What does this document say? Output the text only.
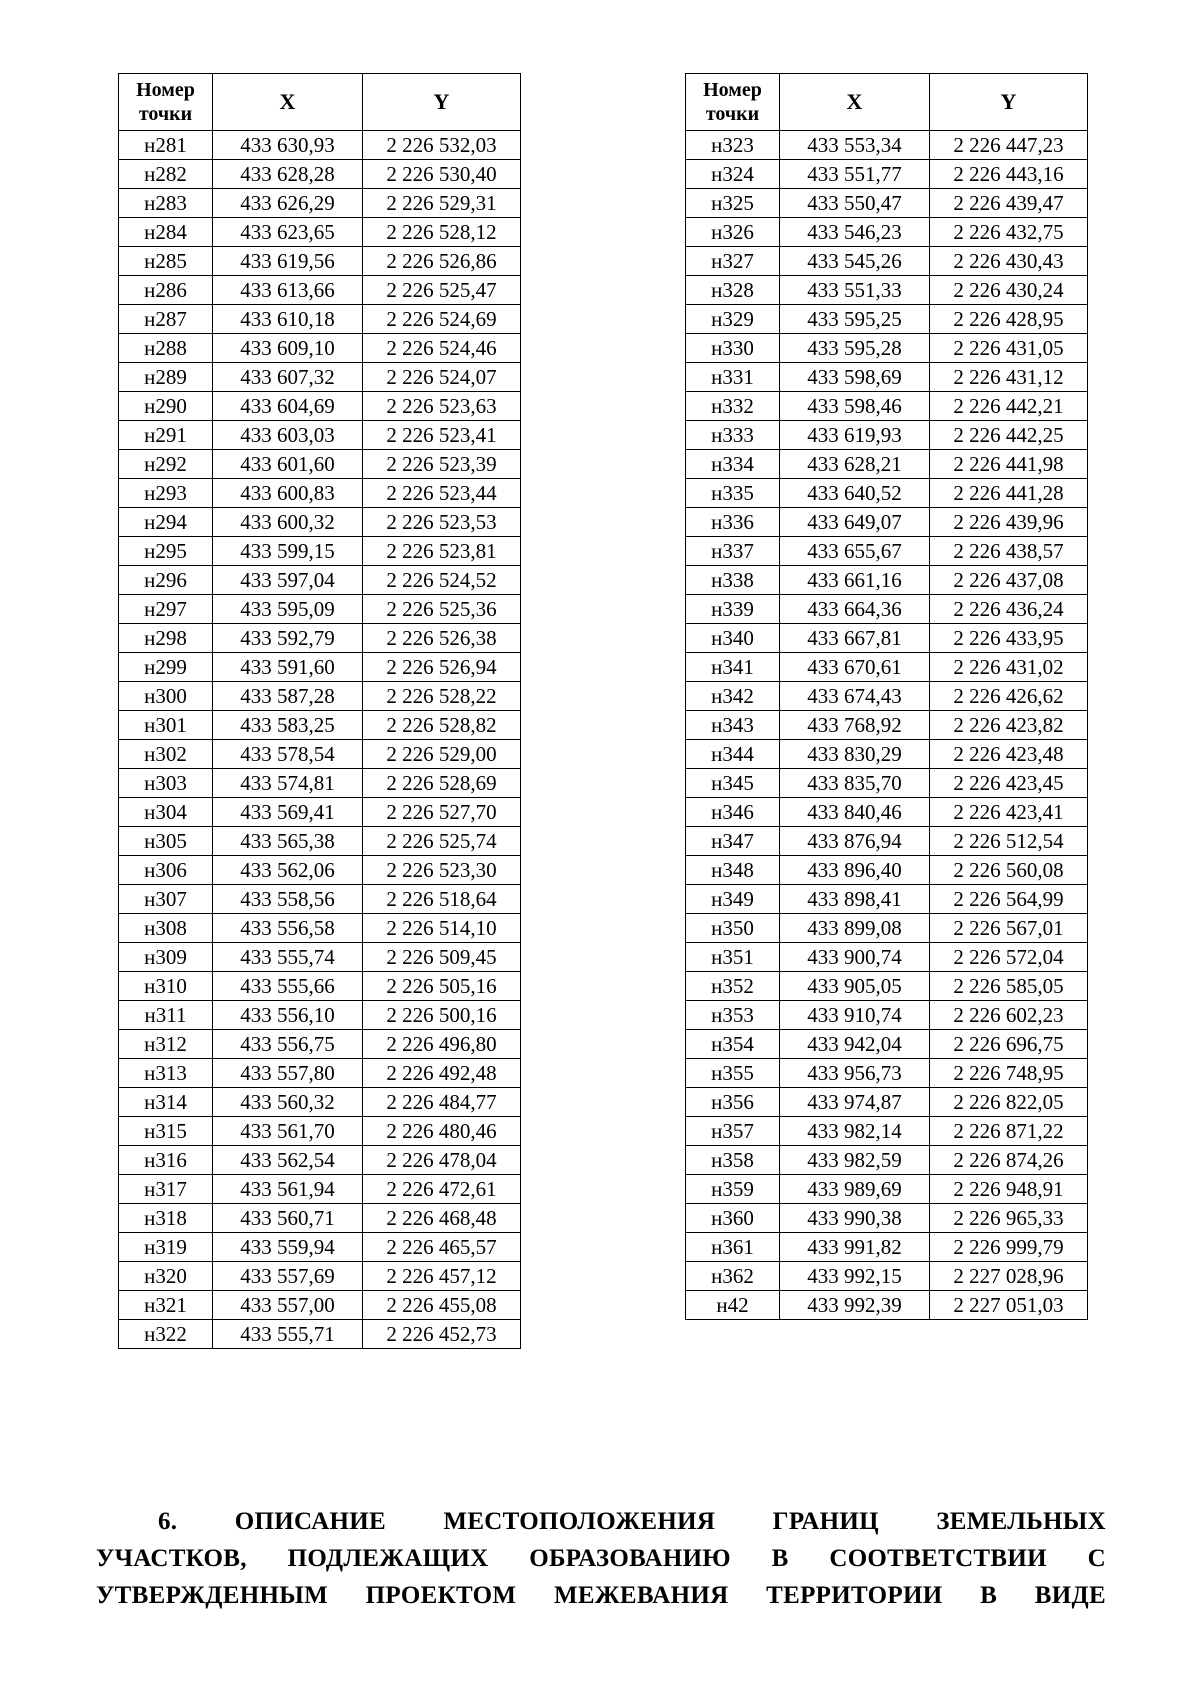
Номер
точки	X	Y
н281	433 630,93	2 226 532,03
н282	433 628,28	2 226 530,40
н283	433 626,29	2 226 529,31
н284	433 623,65	2 226 528,12
н285	433 619,56	2 226 526,86
н286	433 613,66	2 226 525,47
н287	433 610,18	2 226 524,69
н288	433 609,10	2 226 524,46
н289	433 607,32	2 226 524,07
н290	433 604,69	2 226 523,63
н291	433 603,03	2 226 523,41
н292	433 601,60	2 226 523,39
н293	433 600,83	2 226 523,44
н294	433 600,32	2 226 523,53
н295	433 599,15	2 226 523,81
н296	433 597,04	2 226 524,52
н297	433 595,09	2 226 525,36
н298	433 592,79	2 226 526,38
н299	433 591,60	2 226 526,94
н300	433 587,28	2 226 528,22
н301	433 583,25	2 226 528,82
н302	433 578,54	2 226 529,00
н303	433 574,81	2 226 528,69
н304	433 569,41	2 226 527,70
н305	433 565,38	2 226 525,74
н306	433 562,06	2 226 523,30
н307	433 558,56	2 226 518,64
н308	433 556,58	2 226 514,10
н309	433 555,74	2 226 509,45
н310	433 555,66	2 226 505,16
н311	433 556,10	2 226 500,16
н312	433 556,75	2 226 496,80
н313	433 557,80	2 226 492,48
н314	433 560,32	2 226 484,77
н315	433 561,70	2 226 480,46
н316	433 562,54	2 226 478,04
н317	433 561,94	2 226 472,61
н318	433 560,71	2 226 468,48
н319	433 559,94	2 226 465,57
н320	433 557,69	2 226 457,12
н321	433 557,00	2 226 455,08
н322	433 555,71	2 226 452,73
Номер
точки	X	Y
н323	433 553,34	2 226 447,23
н324	433 551,77	2 226 443,16
н325	433 550,47	2 226 439,47
н326	433 546,23	2 226 432,75
н327	433 545,26	2 226 430,43
н328	433 551,33	2 226 430,24
н329	433 595,25	2 226 428,95
н330	433 595,28	2 226 431,05
н331	433 598,69	2 226 431,12
н332	433 598,46	2 226 442,21
н333	433 619,93	2 226 442,25
н334	433 628,21	2 226 441,98
н335	433 640,52	2 226 441,28
н336	433 649,07	2 226 439,96
н337	433 655,67	2 226 438,57
н338	433 661,16	2 226 437,08
н339	433 664,36	2 226 436,24
н340	433 667,81	2 226 433,95
н341	433 670,61	2 226 431,02
н342	433 674,43	2 226 426,62
н343	433 768,92	2 226 423,82
н344	433 830,29	2 226 423,48
н345	433 835,70	2 226 423,45
н346	433 840,46	2 226 423,41
н347	433 876,94	2 226 512,54
н348	433 896,40	2 226 560,08
н349	433 898,41	2 226 564,99
н350	433 899,08	2 226 567,01
н351	433 900,74	2 226 572,04
н352	433 905,05	2 226 585,05
н353	433 910,74	2 226 602,23
н354	433 942,04	2 226 696,75
н355	433 956,73	2 226 748,95
н356	433 974,87	2 226 822,05
н357	433 982,14	2 226 871,22
н358	433 982,59	2 226 874,26
н359	433 989,69	2 226 948,91
н360	433 990,38	2 226 965,33
н361	433 991,82	2 226 999,79
н362	433 992,15	2 227 028,96
н42	433 992,39	2 227 051,03
6. ОПИСАНИЕ МЕСТОПОЛОЖЕНИЯ ГРАНИЦ ЗЕМЕЛЬНЫХ
УЧАСТКОВ, ПОДЛЕЖАЩИХ ОБРАЗОВАНИЮ В СООТВЕТСТВИИ С
УТВЕРЖДЕННЫМ ПРОЕКТОМ МЕЖЕВАНИЯ ТЕРРИТОРИИ В ВИДЕ
